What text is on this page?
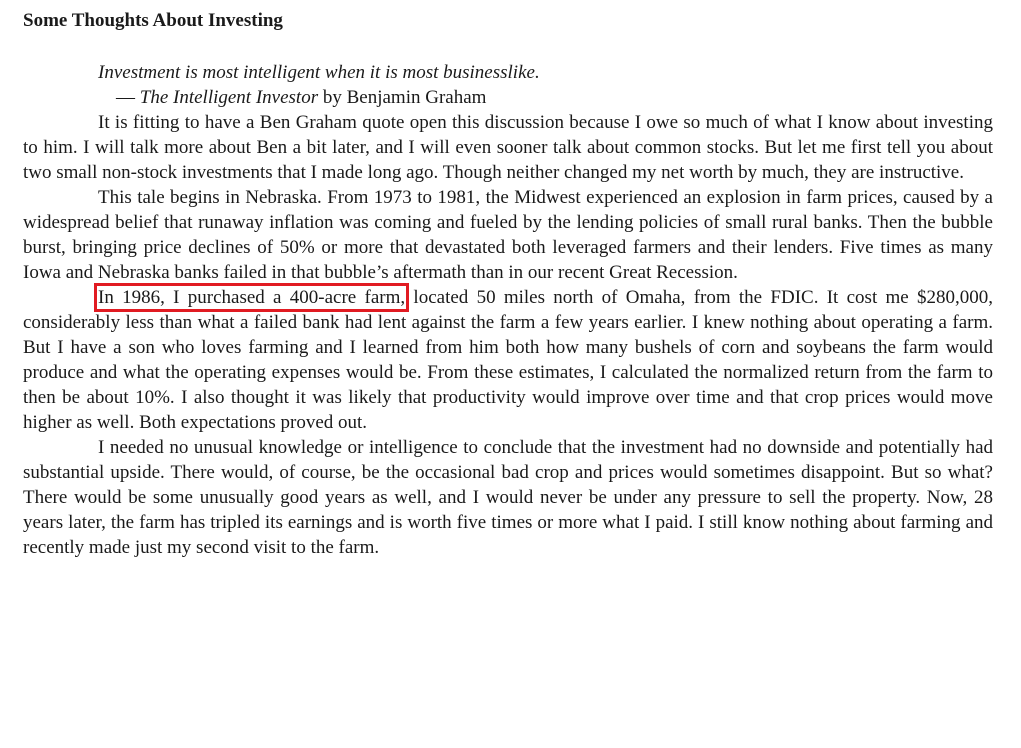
Some Thoughts About Investing
Investment is most intelligent when it is most businesslike.
— The Intelligent Investor by Benjamin Graham

It is fitting to have a Ben Graham quote open this discussion because I owe so much of what I know about investing to him. I will talk more about Ben a bit later, and I will even sooner talk about common stocks. But let me first tell you about two small non-stock investments that I made long ago. Though neither changed my net worth by much, they are instructive.

This tale begins in Nebraska. From 1973 to 1981, the Midwest experienced an explosion in farm prices, caused by a widespread belief that runaway inflation was coming and fueled by the lending policies of small rural banks. Then the bubble burst, bringing price declines of 50% or more that devastated both leveraged farmers and their lenders. Five times as many Iowa and Nebraska banks failed in that bubble’s aftermath than in our recent Great Recession.

In 1986, I purchased a 400-acre farm, located 50 miles north of Omaha, from the FDIC. It cost me $280,000, considerably less than what a failed bank had lent against the farm a few years earlier. I knew nothing about operating a farm. But I have a son who loves farming and I learned from him both how many bushels of corn and soybeans the farm would produce and what the operating expenses would be. From these estimates, I calculated the normalized return from the farm to then be about 10%. I also thought it was likely that productivity would improve over time and that crop prices would move higher as well. Both expectations proved out.

I needed no unusual knowledge or intelligence to conclude that the investment had no downside and potentially had substantial upside. There would, of course, be the occasional bad crop and prices would sometimes disappoint. But so what? There would be some unusually good years as well, and I would never be under any pressure to sell the property. Now, 28 years later, the farm has tripled its earnings and is worth five times or more what I paid. I still know nothing about farming and recently made just my second visit to the farm.
